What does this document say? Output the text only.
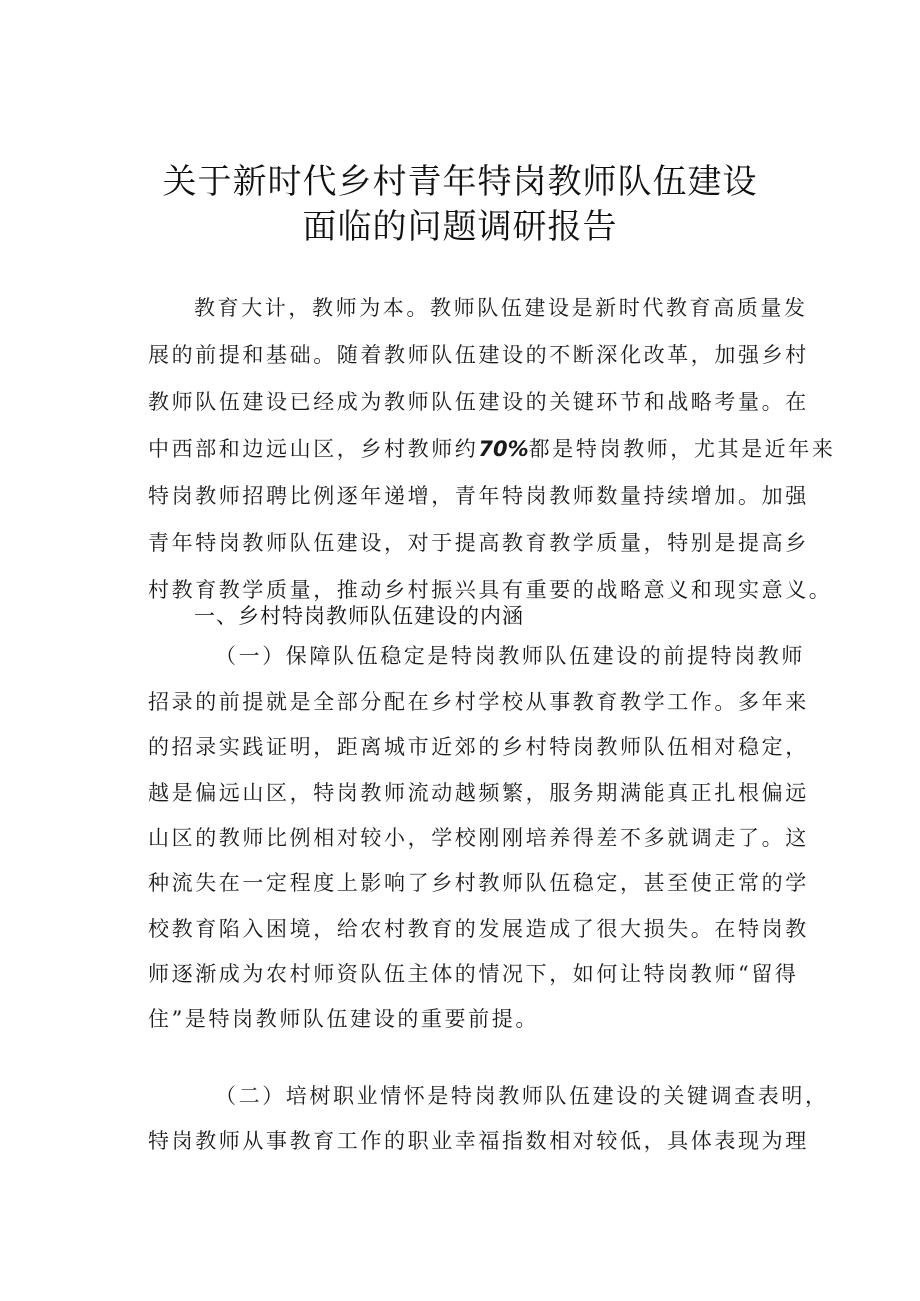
关于新时代乡村青年特岗教师队伍建设
面临的问题调研报告
教育大计，教师为本。教师队伍建设是新时代教育高质量发
展的前提和基础。随着教师队伍建设的不断深化改革，加强乡村
教师队伍建设已经成为教师队伍建设的关键环节和战略考量。在
中西部和边远山区，乡村教师约70%都是特岗教师，尤其是近年来
特岗教师招聘比例逐年递增，青年特岗教师数量持续增加。加强
青年特岗教师队伍建设，对于提高教育教学质量，特别是提高乡
村教育教学质量，推动乡村振兴具有重要的战略意义和现实意义。
一、乡村特岗教师队伍建设的内涵
（一）保障队伍稳定是特岗教师队伍建设的前提特岗教师
招录的前提就是全部分配在乡村学校从事教育教学工作。多年来
的招录实践证明，距离城市近郊的乡村特岗教师队伍相对稳定，
越是偏远山区，特岗教师流动越频繁，服务期满能真正扎根偏远
山区的教师比例相对较小，学校刚刚培养得差不多就调走了。这
种流失在一定程度上影响了乡村教师队伍稳定，甚至使正常的学
校教育陷入困境，给农村教育的发展造成了很大损失。在特岗教
师逐渐成为农村师资队伍主体的情况下，如何让特岗教师“留得
住”是特岗教师队伍建设的重要前提。
（二）培树职业情怀是特岗教师队伍建设的关键调查表明，
特岗教师从事教育工作的职业幸福指数相对较低，具体表现为理
